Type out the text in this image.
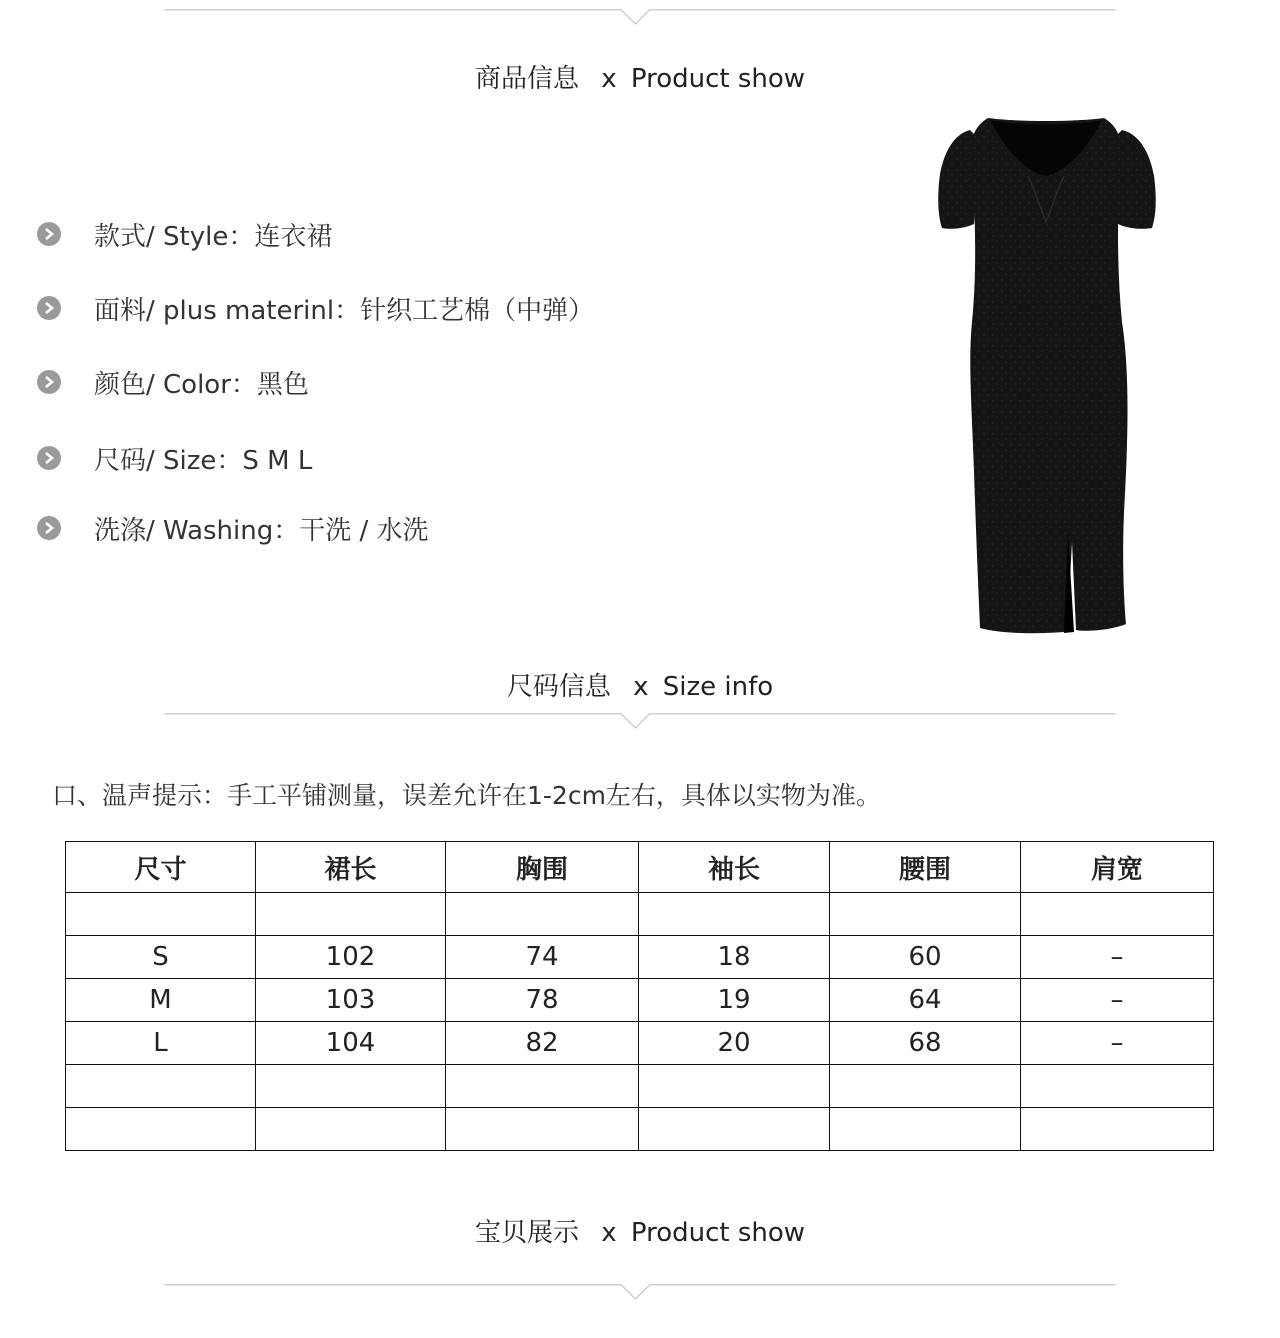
商品信息 x Product show
款式/ Style：连衣裙
面料/ plus materinl：针织工艺棉（中弹）
颜色/ Color：黑色
尺码/ Size：S M L
洗涤/ Washing：干洗 / 水洗
尺码信息 x Size info
口、温声提示：手工平铺测量，误差允许在1-2cm左右，具体以实物为准。
尺寸	裙长	胸围	袖长	腰围	肩宽

S	102	74	18	60	–
M	103	78	19	64	–
L	104	82	20	68	–

宝贝展示 x Product show
